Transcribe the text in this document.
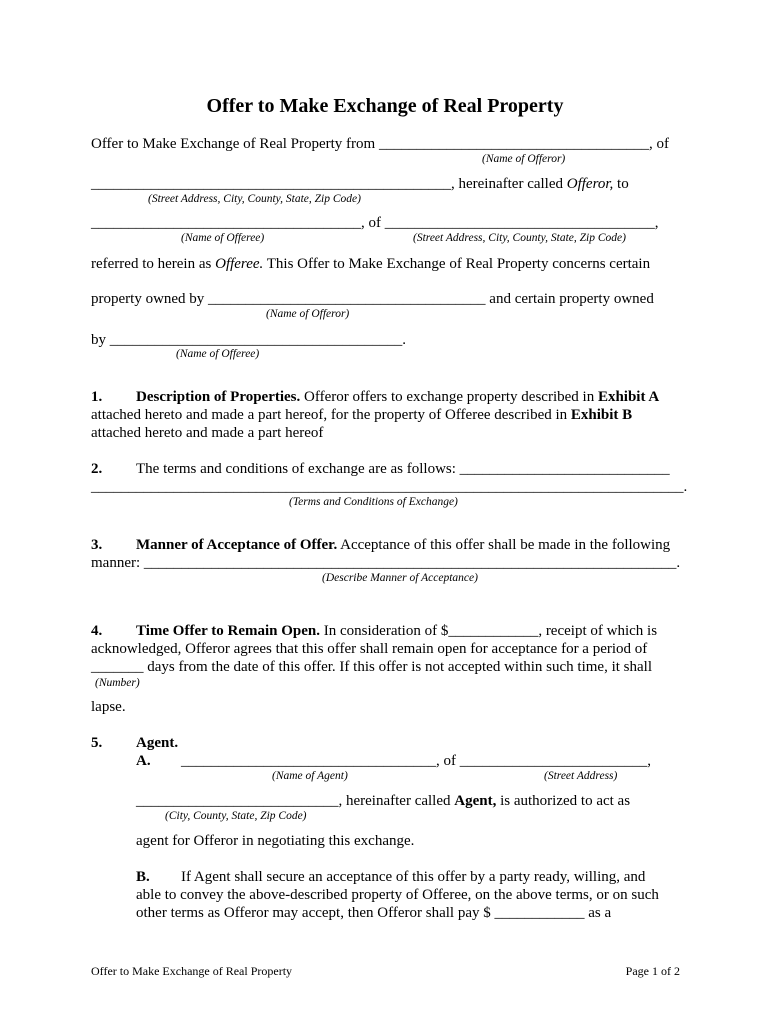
Offer to Make Exchange of Real Property
Offer to Make Exchange of Real Property from ____________________________________, of
(Name of Offeror)
________________________________________________, hereinafter called Offeror, to
(Street Address, City, County, State, Zip Code)
____________________________________, of ____________________________________,
(Name of Offeree)	(Street Address, City, County, State, Zip Code)
referred to herein as Offeree. This Offer to Make Exchange of Real Property concerns certain
property owned by _____________________________________ and certain property owned
(Name of Offeror)
by _______________________________________.
(Name of Offeree)
1. Description of Properties. Offeror offers to exchange property described in Exhibit A
attached hereto and made a part hereof, for the property of Offeree described in Exhibit B
attached hereto and made a part hereof
2. The terms and conditions of exchange are as follows: ____________________________
_______________________________________________________________________________.
(Terms and Conditions of Exchange)
3. Manner of Acceptance of Offer. Acceptance of this offer shall be made in the following
manner: _______________________________________________________________________.
(Describe Manner of Acceptance)
4. Time Offer to Remain Open. In consideration of $____________, receipt of which is
acknowledged, Offeror agrees that this offer shall remain open for acceptance for a period of
_______ days from the date of this offer. If this offer is not accepted within such time, it shall
(Number)
lapse.
5. Agent.
A. __________________________________, of _________________________,
(Name of Agent)	(Street Address)
___________________________, hereinafter called Agent, is authorized to act as
(City, County, State, Zip Code)
agent for Offeror in negotiating this exchange.
B. If Agent shall secure an acceptance of this offer by a party ready, willing, and
able to convey the above-described property of Offeree, on the above terms, or on such
other terms as Offeror may accept, then Offeror shall pay $ ____________ as a
Offer to Make Exchange of Real Property	Page 1 of 2
